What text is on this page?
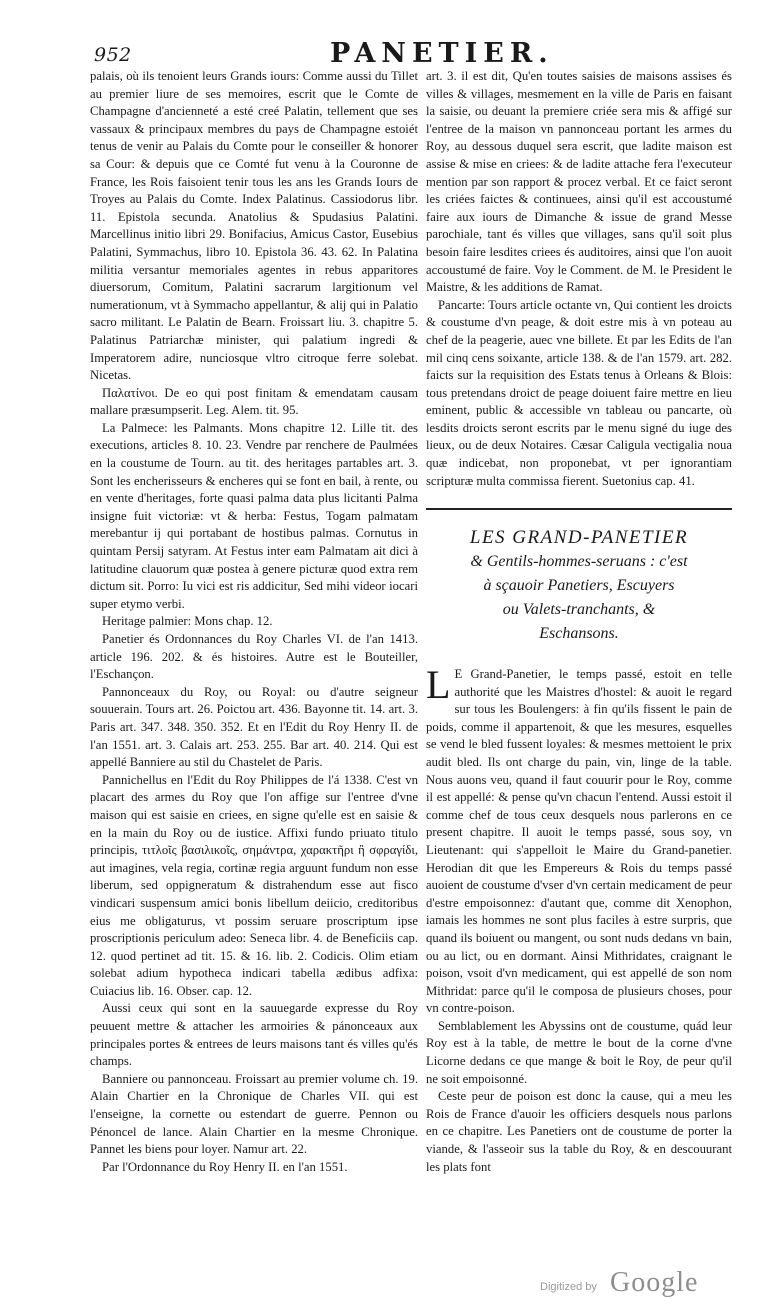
952	PANETIER.

palais, où ils tenoient leurs Grands iours: Comme aussi du Tillet au premier liure de ses memoires, escrit que le Comte de Champagne d'ancienneté a esté creé Palatin, tellement que ses vassaux & principaux membres du pays de Champagne estoiét tenus de venir au Palais du Comte pour le conseiller & honorer sa Cour: & depuis que ce Comté fut venu à la Couronne de France, les Rois faisoient tenir tous les ans les Grands Iours de Troyes au Palais du Comte. Index Palatinus. Cassiodorus libr. 11. Epistola secunda. Anatolius & Spudasius Palatini. Marcellinus initio libri 29. Bonifacius, Amicus Castor, Eusebius Palatini, Symmachus, libro 10. Epistola 36. 43. 62. In Palatina militia versantur memoriales agentes in rebus apparitores diuersorum, Comitum, Palatini sacrarum largitionum vel numerationum, vt à Symmacho appellantur, & alij qui in Palatio sacro militant. Le Palatin de Bearn. Froissart liu. 3. chapitre 5. Palatinus Patriarchæ minister, qui palatium ingredi & Imperatorem adire, nunciosque vltro citroque ferre solebat. Nicetas.

Παλατίνοι. De eo qui post finitam & emendatam causam mallare præsumpserit. Leg. Alem. tit. 95.

La Palmece: les Palmants. Mons chapitre 12. Lille tit. des executions, articles 8. 10. 23. Vendre par renchere de Paulmées en la coustume de Tourn. au tit. des heritages partables art. 3. Sont les encherisseurs & encheres qui se font en bail, à rente, ou en vente d'heritages, forte quasi palma data plus licitanti Palma insigne fuit victoriæ: vt & herba: Festus, Togam palmatam merebantur ij qui portabant de hostibus palmas. Cornutus in quintam Persij satyram. At Festus inter eam Palmatam ait dici à latitudine clauorum quæ postea à genere picturæ quod extra rem dictum sit. Porro: Iu vici est ris addicitur, Sed mihi videor iocari super etymo verbi.

Heritage palmier: Mons chap. 12.

Panetier és Ordonnances du Roy Charles VI. de l'an 1413. article 196. 202. & és histoires. Autre est le Bouteiller, l'Eschançon.

Pannonceaux du Roy, ou Royal: ou d'autre seigneur souuerain. Tours art. 26. Poictou art. 436. Bayonne tit. 14. art. 3. Paris art. 347. 348. 350. 352. Et en l'Edit du Roy Henry II. de l'an 1551. art. 3. Calais art. 253. 255. Bar art. 40. 214. Qui est appellé Banniere au stil du Chastelet de Paris.

Pannichellus en l'Edit du Roy Philippes de l'á 1338. C'est vn placart des armes du Roy que l'on affige sur l'entree d'vne maison qui est saisie en criees, en signe qu'elle est en saisie & en la main du Roy ou de iustice. Affixi fundo priuato titulo principis, τιτλοῖς βασιλικοῖς, σημάντρα, χαρακτῆρι ἢ σφραγίδι, aut imagines, vela regia, cortinæ regia arguunt fundum non esse liberum, sed oppigneratum & distrahendum esse aut fisco vindicari suspensum amici bonis libellum deiicio, creditoribus eius me obligaturus, vt possim seruare proscriptum ipse proscriptionis periculum adeo: Seneca libr. 4. de Beneficiis cap. 12. quod pertinet ad tit. 15. & 16. lib. 2. Codicis. Olim etiam solebat adium hypotheca indicari tabella ædibus adfixa: Cuiacius lib. 16. Obser. cap. 12.

Aussi ceux qui sont en la sauuegarde expresse du Roy peuuent mettre & attacher les armoiries & pánonceaux aux principales portes & entrees de leurs maisons tant és villes qu'és champs.

Banniere ou pannonceau. Froissart au premier volume ch. 19. Alain Chartier en la Chronique de Charles VII. qui est l'enseigne, la cornette ou estendart de guerre. Pennon ou Pénoncel de lance. Alain Chartier en la mesme Chronique. Pannet les biens pour loyer. Namur art. 22.

Par l'Ordonnance du Roy Henry II. en l'an 1551.

art. 3. il est dit, Qu'en toutes saisies de maisons assises és villes & villages, mesmement en la ville de Paris en faisant la saisie, ou deuant la premiere criée sera mis & affigé sur l'entree de la maison vn pannonceau portant les armes du Roy, au dessous duquel sera escrit, que ladite maison est assise & mise en criees: & de ladite attache fera l'executeur mention par son rapport & procez verbal. Et ce faict seront les criées faictes & continuees, ainsi qu'il est accoustumé faire aux iours de Dimanche & issue de grand Messe parochiale, tant és villes que villages, sans qu'il soit plus besoin faire lesdites criees és auditoires, ainsi que l'on auoit accoustumé de faire. Voy le Comment. de M. le President le Maistre, & les additions de Ramat.

Pancarte: Tours article octante vn, Qui contient les droicts & coustume d'vn peage, & doit estre mis à vn poteau au chef de la peagerie, auec vne billete. Et par les Edits de l'an mil cinq cens soixante, article 138. & de l'an 1579. art. 282. faicts sur la requisition des Estats tenus à Orleans & Blois: tous pretendans droict de peage doiuent faire mettre en lieu eminent, public & accessible vn tableau ou pancarte, où lesdits droicts seront escrits par le menu signé du iuge des lieux, ou de deux Notaires. Cæsar Caligula vectigalia noua quæ indicebat, non proponebat, vt per ignorantiam scripturæ multa commissa fierent. Suetonius cap. 41.

LES GRAND-PANETIER
& Gentils-hommes-seruans : c'est
à sçauoir Panetiers, Escuyers
ou Valets-tranchants, &
Eschansons.

L E Grand-Panetier, le temps passé, estoit en telle authorité que les Maistres d'hostel: & auoit le regard sur tous les Boulengers: à fin qu'ils fissent le pain de poids, comme il appartenoit, & que les mesures, esquelles se vend le bled fussent loyales: & mesmes mettoient le prix audit bled. Ils ont charge du pain, vin, linge de la table. Nous auons veu, quand il faut couurir pour le Roy, comme il est appellé: & pense qu'vn chacun l'entend. Aussi estoit il comme chef de tous ceux desquels nous parlerons en ce present chapitre. Il auoit le temps passé, sous soy, vn Lieutenant: qui s'appelloit le Maire du Grand-panetier. Herodian dit que les Empereurs & Rois du temps passé auoient de coustume d'vser d'vn certain medicament de peur d'estre empoisonnez: d'autant que, comme dit Xenophon, iamais les hommes ne sont plus faciles à estre surpris, que quand ils boiuent ou mangent, ou sont nuds dedans vn bain, ou au lict, ou en dormant. Ainsi Mithridates, craignant le poison, vsoit d'vn medicament, qui est appellé de son nom Mithridat: parce qu'il le composa de plusieurs choses, pour vn contre-poison.

Semblablement les Abyssins ont de coustume, quád leur Roy est à la table, de mettre le bout de la corne d'vne Licorne dedans ce que mange & boit le Roy, de peur qu'il ne soit empoisonné.

Ceste peur de poison est donc la cause, qui a meu les Rois de France d'auoir les officiers desquels nous parlons en ce chapitre. Les Panetiers ont de coustume de porter la viande, & l'asseoir sus la table du Roy, & en descouurant les plats font

Digitized by Google
